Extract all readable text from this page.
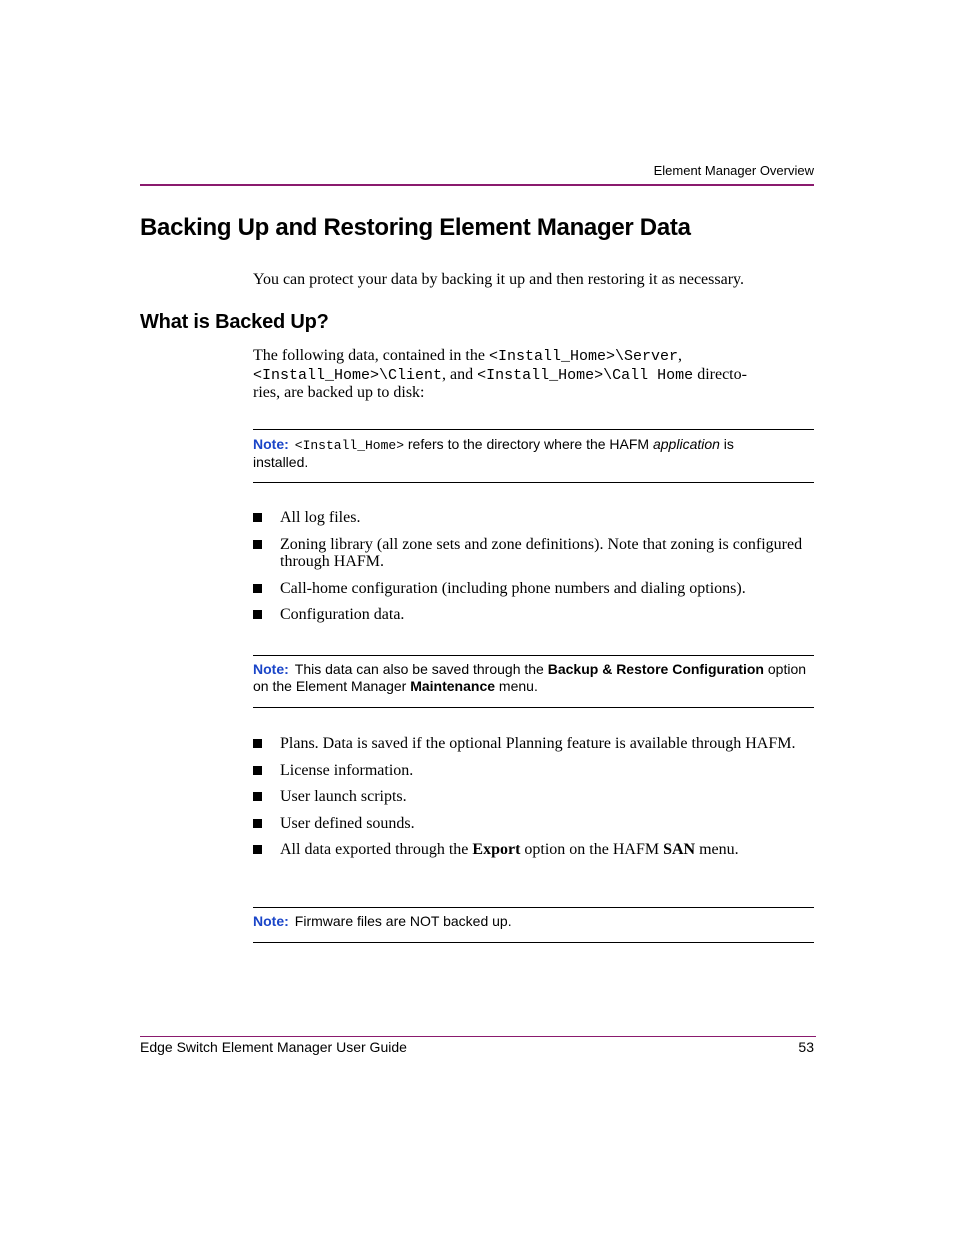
Element Manager Overview
Backing Up and Restoring Element Manager Data
You can protect your data by backing it up and then restoring it as necessary.
What is Backed Up?
The following data, contained in the <Install_Home>\Server,
<Install_Home>\Client, and <Install_Home>\Call Home directo-
ries, are backed up to disk:
Note: <Install_Home> refers to the directory where the HAFM application is
installed.
All log files.
Zoning library (all zone sets and zone definitions). Note that zoning is configured through HAFM.
Call-home configuration (including phone numbers and dialing options).
Configuration data.
Note: This data can also be saved through the Backup & Restore Configuration option
on the Element Manager Maintenance menu.
Plans. Data is saved if the optional Planning feature is available through HAFM.
License information.
User launch scripts.
User defined sounds.
All data exported through the Export option on the HAFM SAN menu.
Note: Firmware files are NOT backed up.
Edge Switch Element Manager User Guide	53
